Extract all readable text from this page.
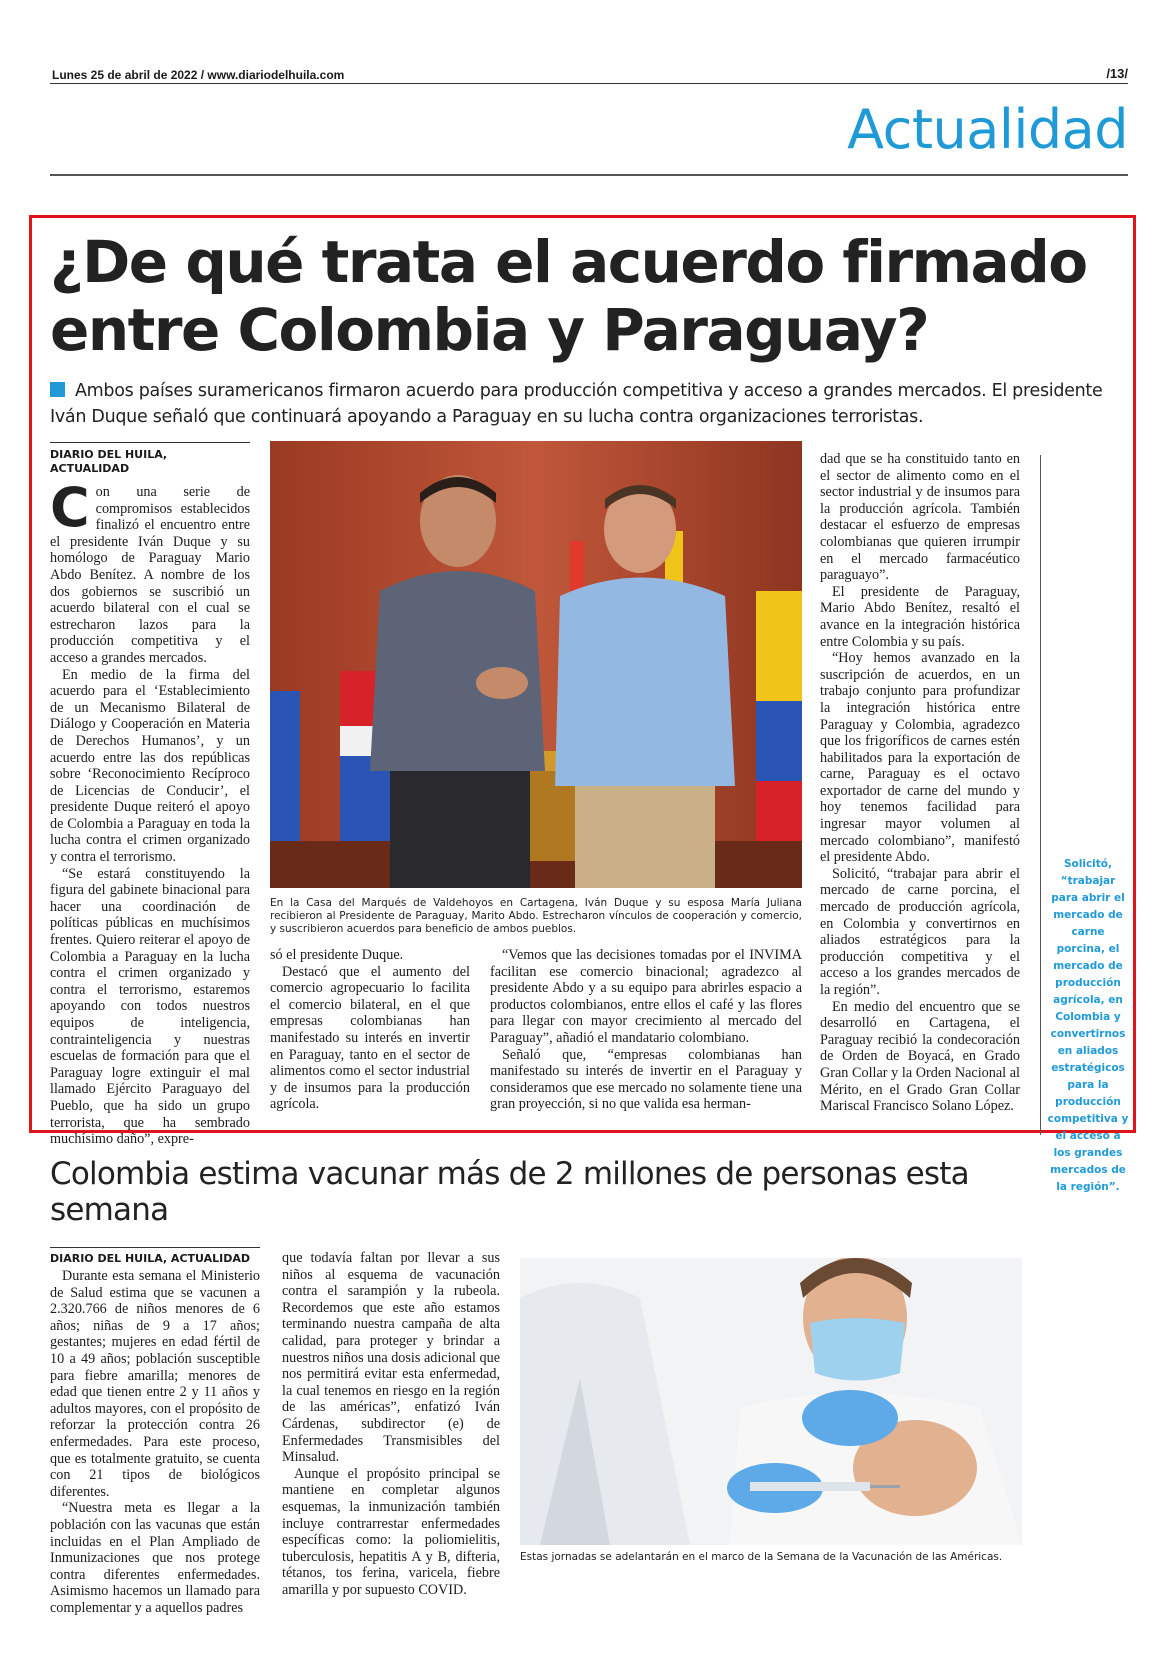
Lunes 25 de abril de 2022 / www.diariodelhuila.com	/13/
Actualidad
¿De qué trata el acuerdo firmado
entre Colombia y Paraguay?
Ambos países suramericanos firmaron acuerdo para producción competitiva y acceso a grandes mercados. El presidente Iván Duque señaló que continuará apoyando a Paraguay en su lucha contra organizaciones terroristas.
DIARIO DEL HUILA,
ACTUALIDAD

Con una serie de compromisos establecidos finalizó el encuentro entre el presidente Iván Duque y su homólogo de Paraguay Mario Abdo Benítez. A nombre de los dos gobiernos se suscribió un acuerdo bilateral con el cual se estrecharon lazos para la producción competitiva y el acceso a grandes mercados.

En medio de la firma del acuerdo para el ‘Establecimiento de un Mecanismo Bilateral de Diálogo y Cooperación en Materia de Derechos Humanos’, y un acuerdo entre las dos repúblicas sobre ‘Reconocimiento Recíproco de Licencias de Conducir’, el presidente Duque reiteró el apoyo de Colombia a Paraguay en toda la lucha contra el crimen organizado y contra el terrorismo.

“Se estará constituyendo la figura del gabinete binacional para hacer una coordinación de políticas públicas en muchísimos frentes. Quiero reiterar el apoyo de Colombia a Paraguay en la lucha contra el crimen organizado y contra el terrorismo, estaremos apoyando con todos nuestros equipos de inteligencia, contrainteligencia y nuestras escuelas de formación para que el Paraguay logre extinguir el mal llamado Ejército Paraguayo del Pueblo, que ha sido un grupo terrorista, que ha sembrado muchísimo daño”, expre-

En la Casa del Marqués de Valdehoyos en Cartagena, Iván Duque y su esposa María Juliana recibieron al Presidente de Paraguay, Marito Abdo. Estrecharon vínculos de cooperación y comercio, y suscribieron acuerdos para beneficio de ambos pueblos.

só el presidente Duque.

Destacó que el aumento del comercio agropecuario lo facilita el comercio bilateral, en el que empresas colombianas han manifestado su interés en invertir en Paraguay, tanto en el sector de alimentos como el sector industrial y de insumos para la producción agrícola.

“Vemos que las decisiones tomadas por el INVIMA facilitan ese comercio binacional; agradezco al presidente Abdo y a su equipo para abrirles espacio a productos colombianos, entre ellos el café y las flores para llegar con mayor crecimiento al mercado del Paraguay”, añadió el mandatario colombiano.

Señaló que, “empresas colombianas han manifestado su interés de invertir en el Paraguay y consideramos que ese mercado no solamente tiene una gran proyección, si no que valida esa herman-

dad que se ha constituido tanto en el sector de alimento como en el sector industrial y de insumos para la producción agrícola. También destacar el esfuerzo de empresas colombianas que quieren irrumpir en el mercado farmacéutico paraguayo”.

El presidente de Paraguay, Mario Abdo Benítez, resaltó el avance en la integración histórica entre Colombia y su país.

“Hoy hemos avanzado en la suscripción de acuerdos, en un trabajo conjunto para profundizar la integración histórica entre Paraguay y Colombia, agradezco que los frigoríficos de carnes estén habilitados para la exportación de carne, Paraguay es el octavo exportador de carne del mundo y hoy tenemos facilidad para ingresar mayor volumen al mercado colombiano”, manifestó el presidente Abdo.

Solicitó, “trabajar para abrir el mercado de carne porcina, el mercado de producción agrícola, en Colombia y convertirnos en aliados estratégicos para la producción competitiva y el acceso a los grandes mercados de la región”.

En medio del encuentro que se desarrolló en Cartagena, el Paraguay recibió la condecoración de Orden de Boyacá, en Grado Gran Collar y la Orden Nacional al Mérito, en el Grado Gran Collar Mariscal Francisco Solano López.

Solicitó, “trabajar para abrir el mercado de carne porcina, el mercado de producción agrícola, en Colombia y convertirnos en aliados estratégicos para la producción competitiva y el acceso a los grandes mercados de la región”.
Colombia estima vacunar más de 2 millones de personas esta semana
DIARIO DEL HUILA, ACTUALIDAD

Durante esta semana el Ministerio de Salud estima que se vacunen a 2.320.766 de niños menores de 6 años; niñas de 9 a 17 años; gestantes; mujeres en edad fértil de 10 a 49 años; población susceptible para fiebre amarilla; menores de edad que tienen entre 2 y 11 años y adultos mayores, con el propósito de reforzar la protección contra 26 enfermedades. Para este proceso, que es totalmente gratuito, se cuenta con 21 tipos de biológicos diferentes.

“Nuestra meta es llegar a la población con las vacunas que están incluidas en el Plan Ampliado de Inmunizaciones que nos protege contra diferentes enfermedades. Asimismo hacemos un llamado para complementar y a aquellos padres

que todavía faltan por llevar a sus niños al esquema de vacunación contra el sarampión y la rubeola. Recordemos que este año estamos terminando nuestra campaña de alta calidad, para proteger y brindar a nuestros niños una dosis adicional que nos permitirá evitar esta enfermedad, la cual tenemos en riesgo en la región de las américas”, enfatizó Iván Cárdenas, subdirector (e) de Enfermedades Transmisibles del Minsalud.

Aunque el propósito principal se mantiene en completar algunos esquemas, la inmunización también incluye contrarrestar enfermedades específicas como: la poliomielitis, tuberculosis, hepatitis A y B, difteria, tétanos, tos ferina, varicela, fiebre amarilla y por supuesto COVID.

Estas jornadas se adelantarán en el marco de la Semana de la Vacunación de las Américas.
